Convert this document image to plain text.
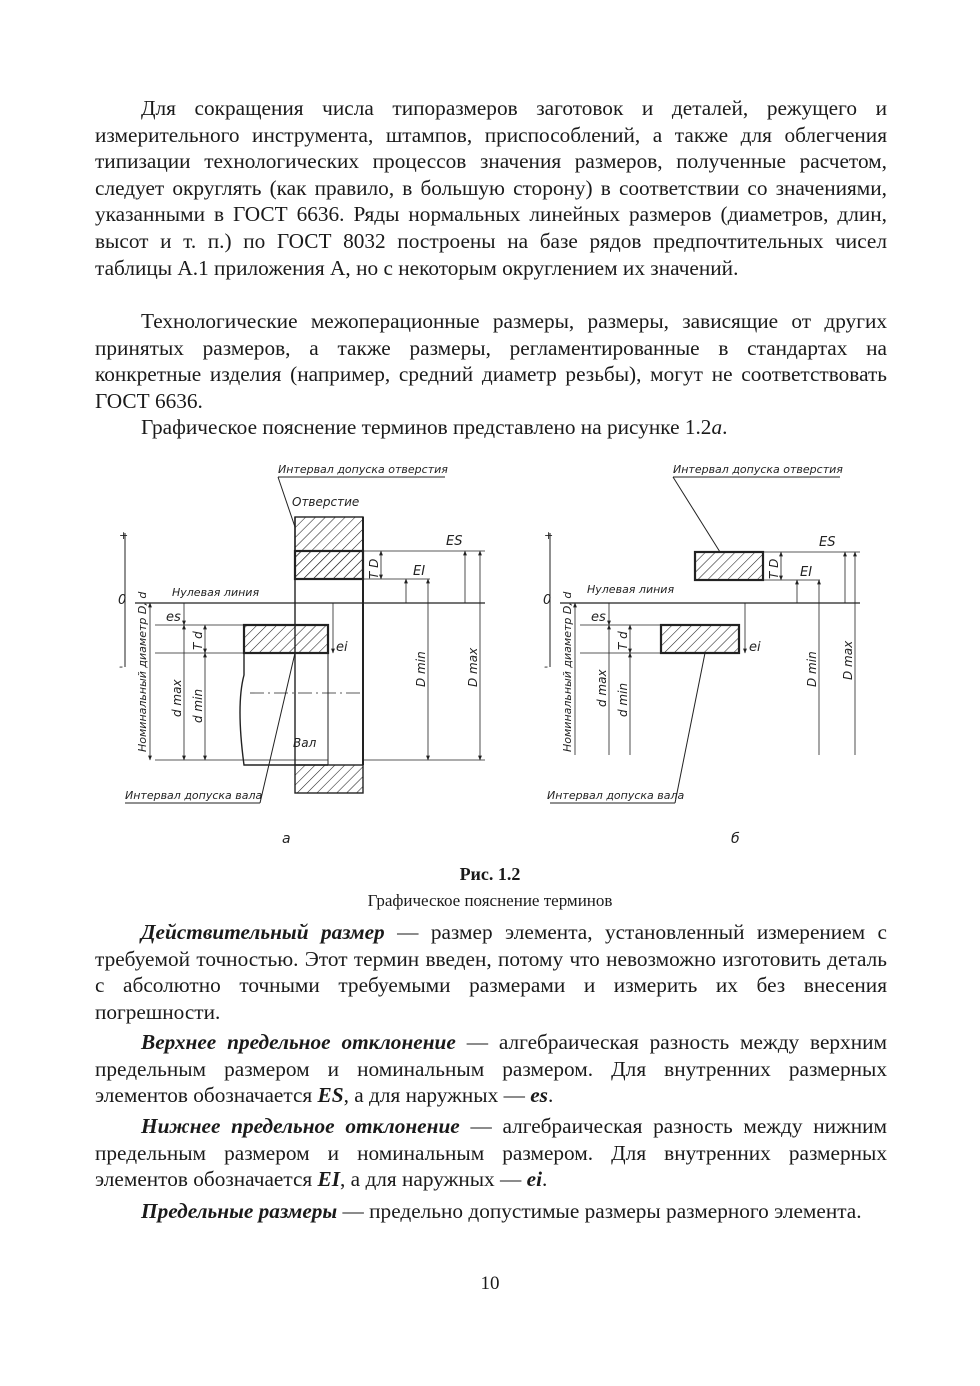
Для сокращения числа типоразмеров заготовок и деталей, режущего и измерительного инструмента, штампов, приспособлений, а также для облегчения типизации технологических процессов значения размеров, полученные расчетом, следует округлять (как правило, в большую сторону) в соответствии со значениями, указанными в ГОСТ 6636. Ряды нормальных линейных размеров (диаметров, длин, высот и т. п.) по ГОСТ 8032 построены на базе рядов предпочтительных чисел таблицы А.1 приложения А, но с некоторым округлением их значений.

Технологические межоперационные размеры, размеры, зависящие от других принятых размеров, а также размеры, регламентированные в стандартах на конкретные изделия (например, средний диаметр резьбы), могут не соответствовать ГОСТ 6636.

Графическое пояснение терминов представлено на рисунке 1.2а.

+
-
0
Нулевая линия
Интервал допуска отверстия
Отверстие
Вал
Интервал допуска вала
ES
EI
es
ei
T D
T d
d max d min
D min	D max
Номинальный диаметр D, d
а
+
-
0
Нулевая линия
Интервал допуска отверстия
Интервал допуска вала
ES
EI
es
ei
T D
T d
d max d min
D min D max
Номинальный диаметр D, d
б
Рис. 1.2
Графическое пояснение терминов

Действительный размер — размер элемента, установленный измерением с требуемой точностью. Этот термин введен, потому что невозможно изготовить деталь с абсолютно точными требуемыми размерами и измерить их без внесения погрешности.

Верхнее предельное отклонение — алгебраическая разность между верхним предельным размером и номинальным размером. Для внутренних размерных элементов обозначается ES, а для наружных — es.

Нижнее предельное отклонение — алгебраическая разность между нижним предельным размером и номинальным размером. Для внутренних размерных элементов обозначается EI, а для наружных — ei.

Предельные размеры — предельно допустимые размеры размерного элемента.

10
